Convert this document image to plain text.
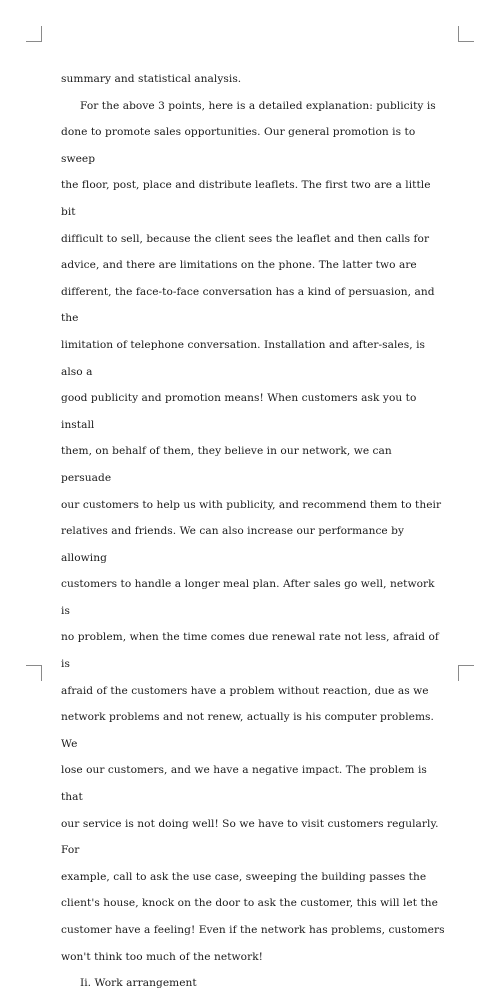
summary and statistical analysis.
For the above 3 points, here is a detailed explanation: publicity is
done to promote sales opportunities. Our general promotion is to sweep
the floor, post, place and distribute leaflets. The first two are a little bit
difficult to sell, because the client sees the leaflet and then calls for
advice, and there are limitations on the phone. The latter two are
different, the face-to-face conversation has a kind of persuasion, and the
limitation of telephone conversation. Installation and after-sales, is also a
good publicity and promotion means! When customers ask you to install
them, on behalf of them, they believe in our network, we can persuade
our customers to help us with publicity, and recommend them to their
relatives and friends. We can also increase our performance by allowing
customers to handle a longer meal plan. After sales go well, network is
no problem, when the time comes due renewal rate not less, afraid of is
afraid of the customers have a problem without reaction, due as we
network problems and not renew, actually is his computer problems. We
lose our customers, and we have a negative impact. The problem is that
our service is not doing well! So we have to visit customers regularly. For
example, call to ask the use case, sweeping the building passes the
client's house, knock on the door to ask the customer, this will let the
customer have a feeling! Even if the network has problems, customers
won't think too much of the network!
Ii. Work arrangement
